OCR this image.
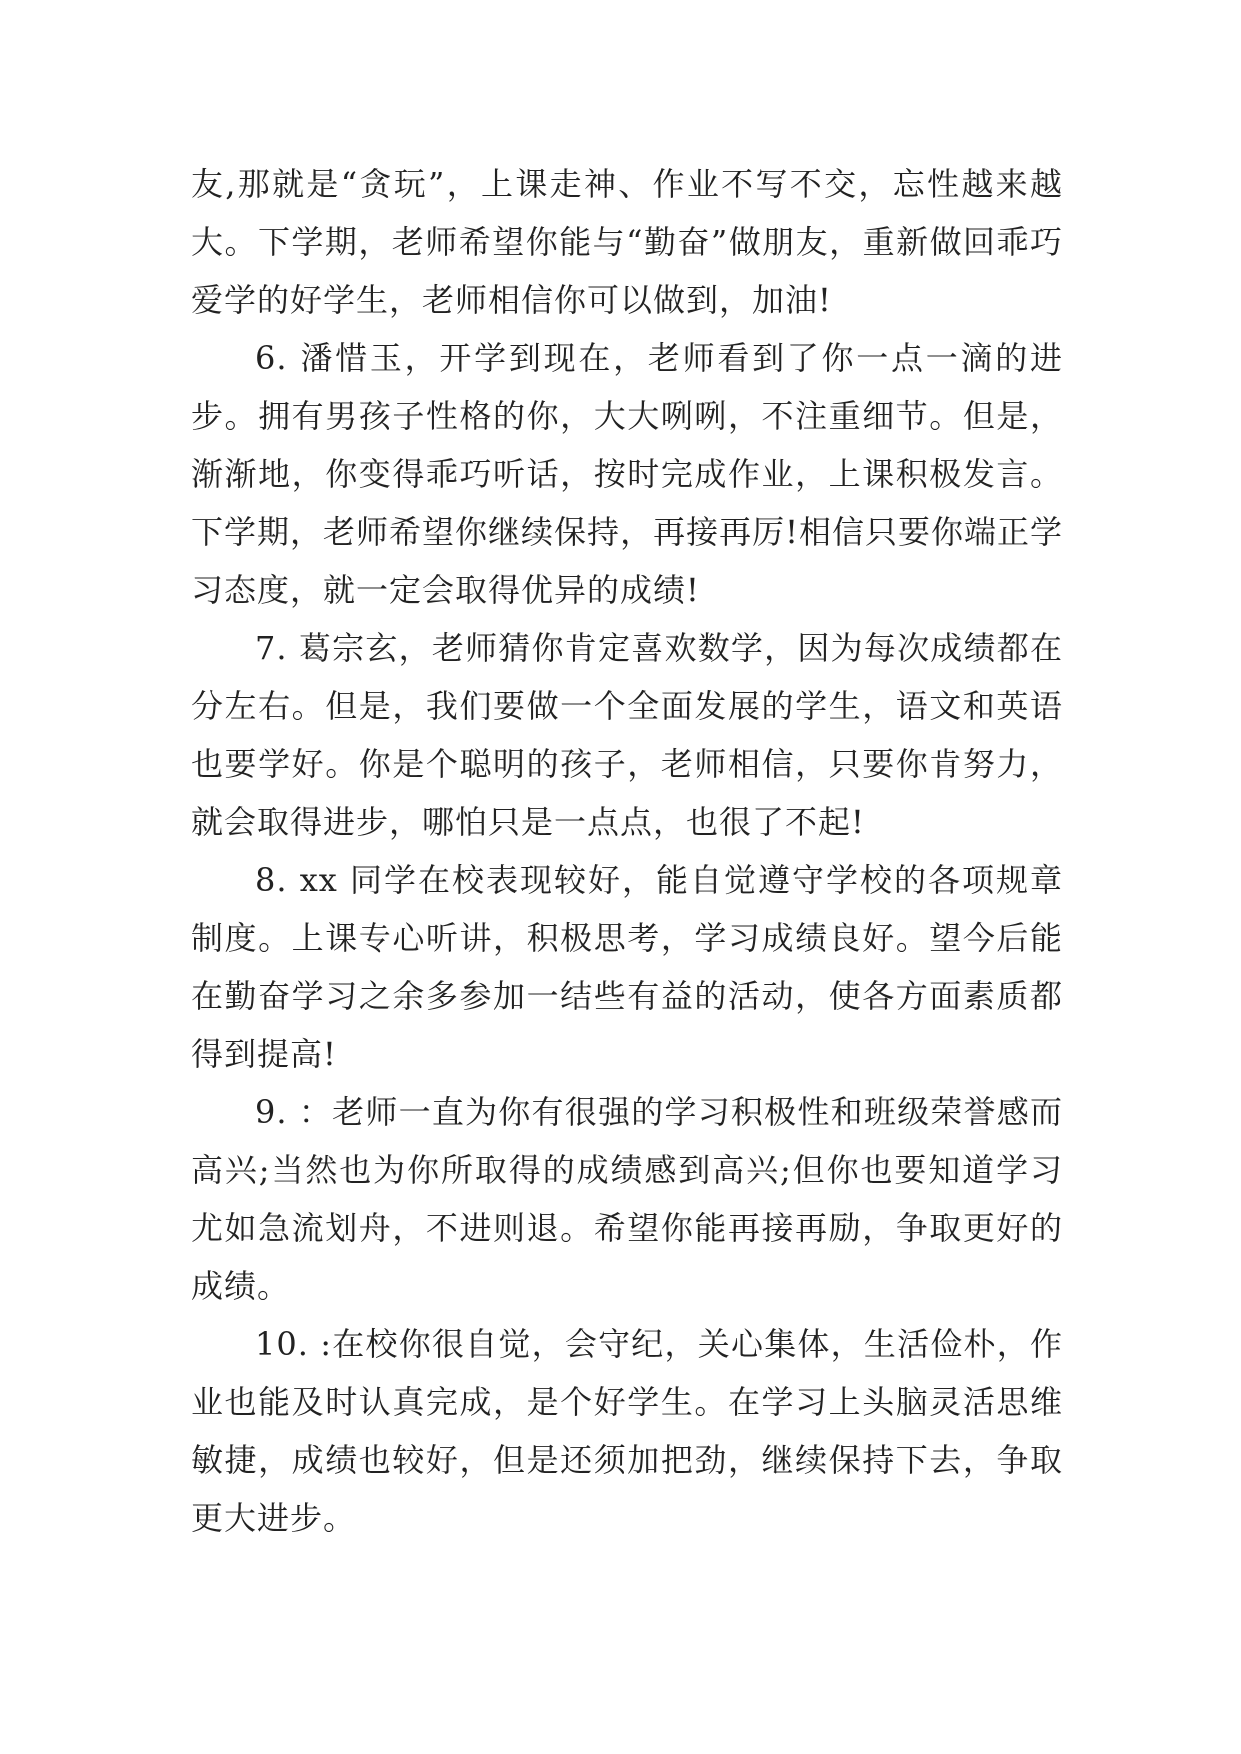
友,那就是“贪玩”，上课走神、作业不写不交，忘性越来越大。下学期，老师希望你能与“勤奋”做朋友，重新做回乖巧爱学的好学生，老师相信你可以做到，加油!

6. 潘惜玉，开学到现在，老师看到了你一点一滴的进步。拥有男孩子性格的你，大大咧咧，不注重细节。但是，渐渐地，你变得乖巧听话，按时完成作业，上课积极发言。下学期，老师希望你继续保持，再接再厉!相信只要你端正学习态度，就一定会取得优异的成绩!

7. 葛宗玄，老师猜你肯定喜欢数学，因为每次成绩都在分左右。但是，我们要做一个全面发展的学生，语文和英语也要学好。你是个聪明的孩子，老师相信，只要你肯努力，就会取得进步，哪怕只是一点点，也很了不起!

8. xx 同学在校表现较好，能自觉遵守学校的各项规章制度。上课专心听讲，积极思考，学习成绩良好。望今后能在勤奋学习之余多参加一结些有益的活动，使各方面素质都得到提高!

9. ：老师一直为你有很强的学习积极性和班级荣誉感而高兴;当然也为你所取得的成绩感到高兴;但你也要知道学习尤如急流划舟，不进则退。希望你能再接再励，争取更好的成绩。

10. :在校你很自觉，会守纪，关心集体，生活俭朴，作业也能及时认真完成，是个好学生。在学习上头脑灵活思维敏捷，成绩也较好，但是还须加把劲，继续保持下去，争取更大进步。
